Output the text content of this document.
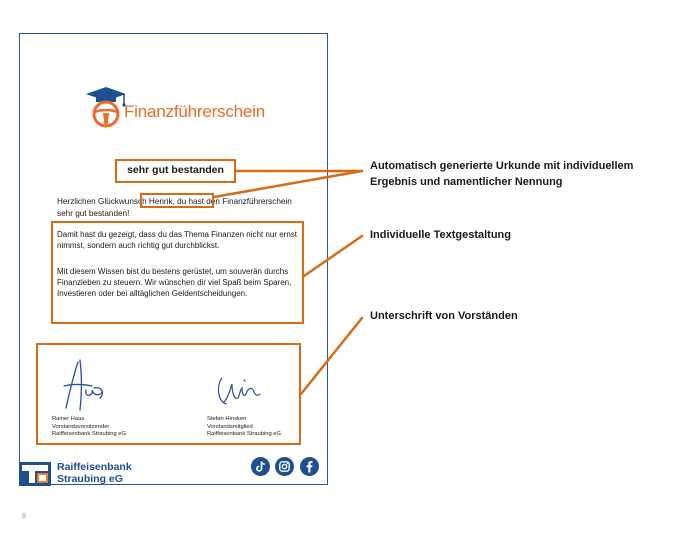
Finanzführerschein
sehr gut bestanden
Herzlichen Glückwunsch Henrik, du hast den Finanzführerschein sehr gut bestanden!
Damit hast du gezeigt, dass du das Thema Finanzen nicht nur ernst nimmst, sondern auch richtig gut durchblickst.
Mit diesem Wissen bist du bestens gerüstet, um souverän durchs Finanzleben zu steuern. Wir wünschen dir viel Spaß beim Sparen, Investieren oder bei alltäglichen Geldentscheidungen.
Rainer Haas
Vorstandsvorsitzender
Raiffeisenbank Straubing eG
Stefan Hinsken
Vorstandsmitglied
Raiffeisenbank Straubing eG
Raiffeisenbank
Straubing eG
Automatisch generierte Urkunde mit individuellem Ergebnis und namentlicher Nennung
Individuelle Textgestaltung
Unterschrift von Vorständen
8
